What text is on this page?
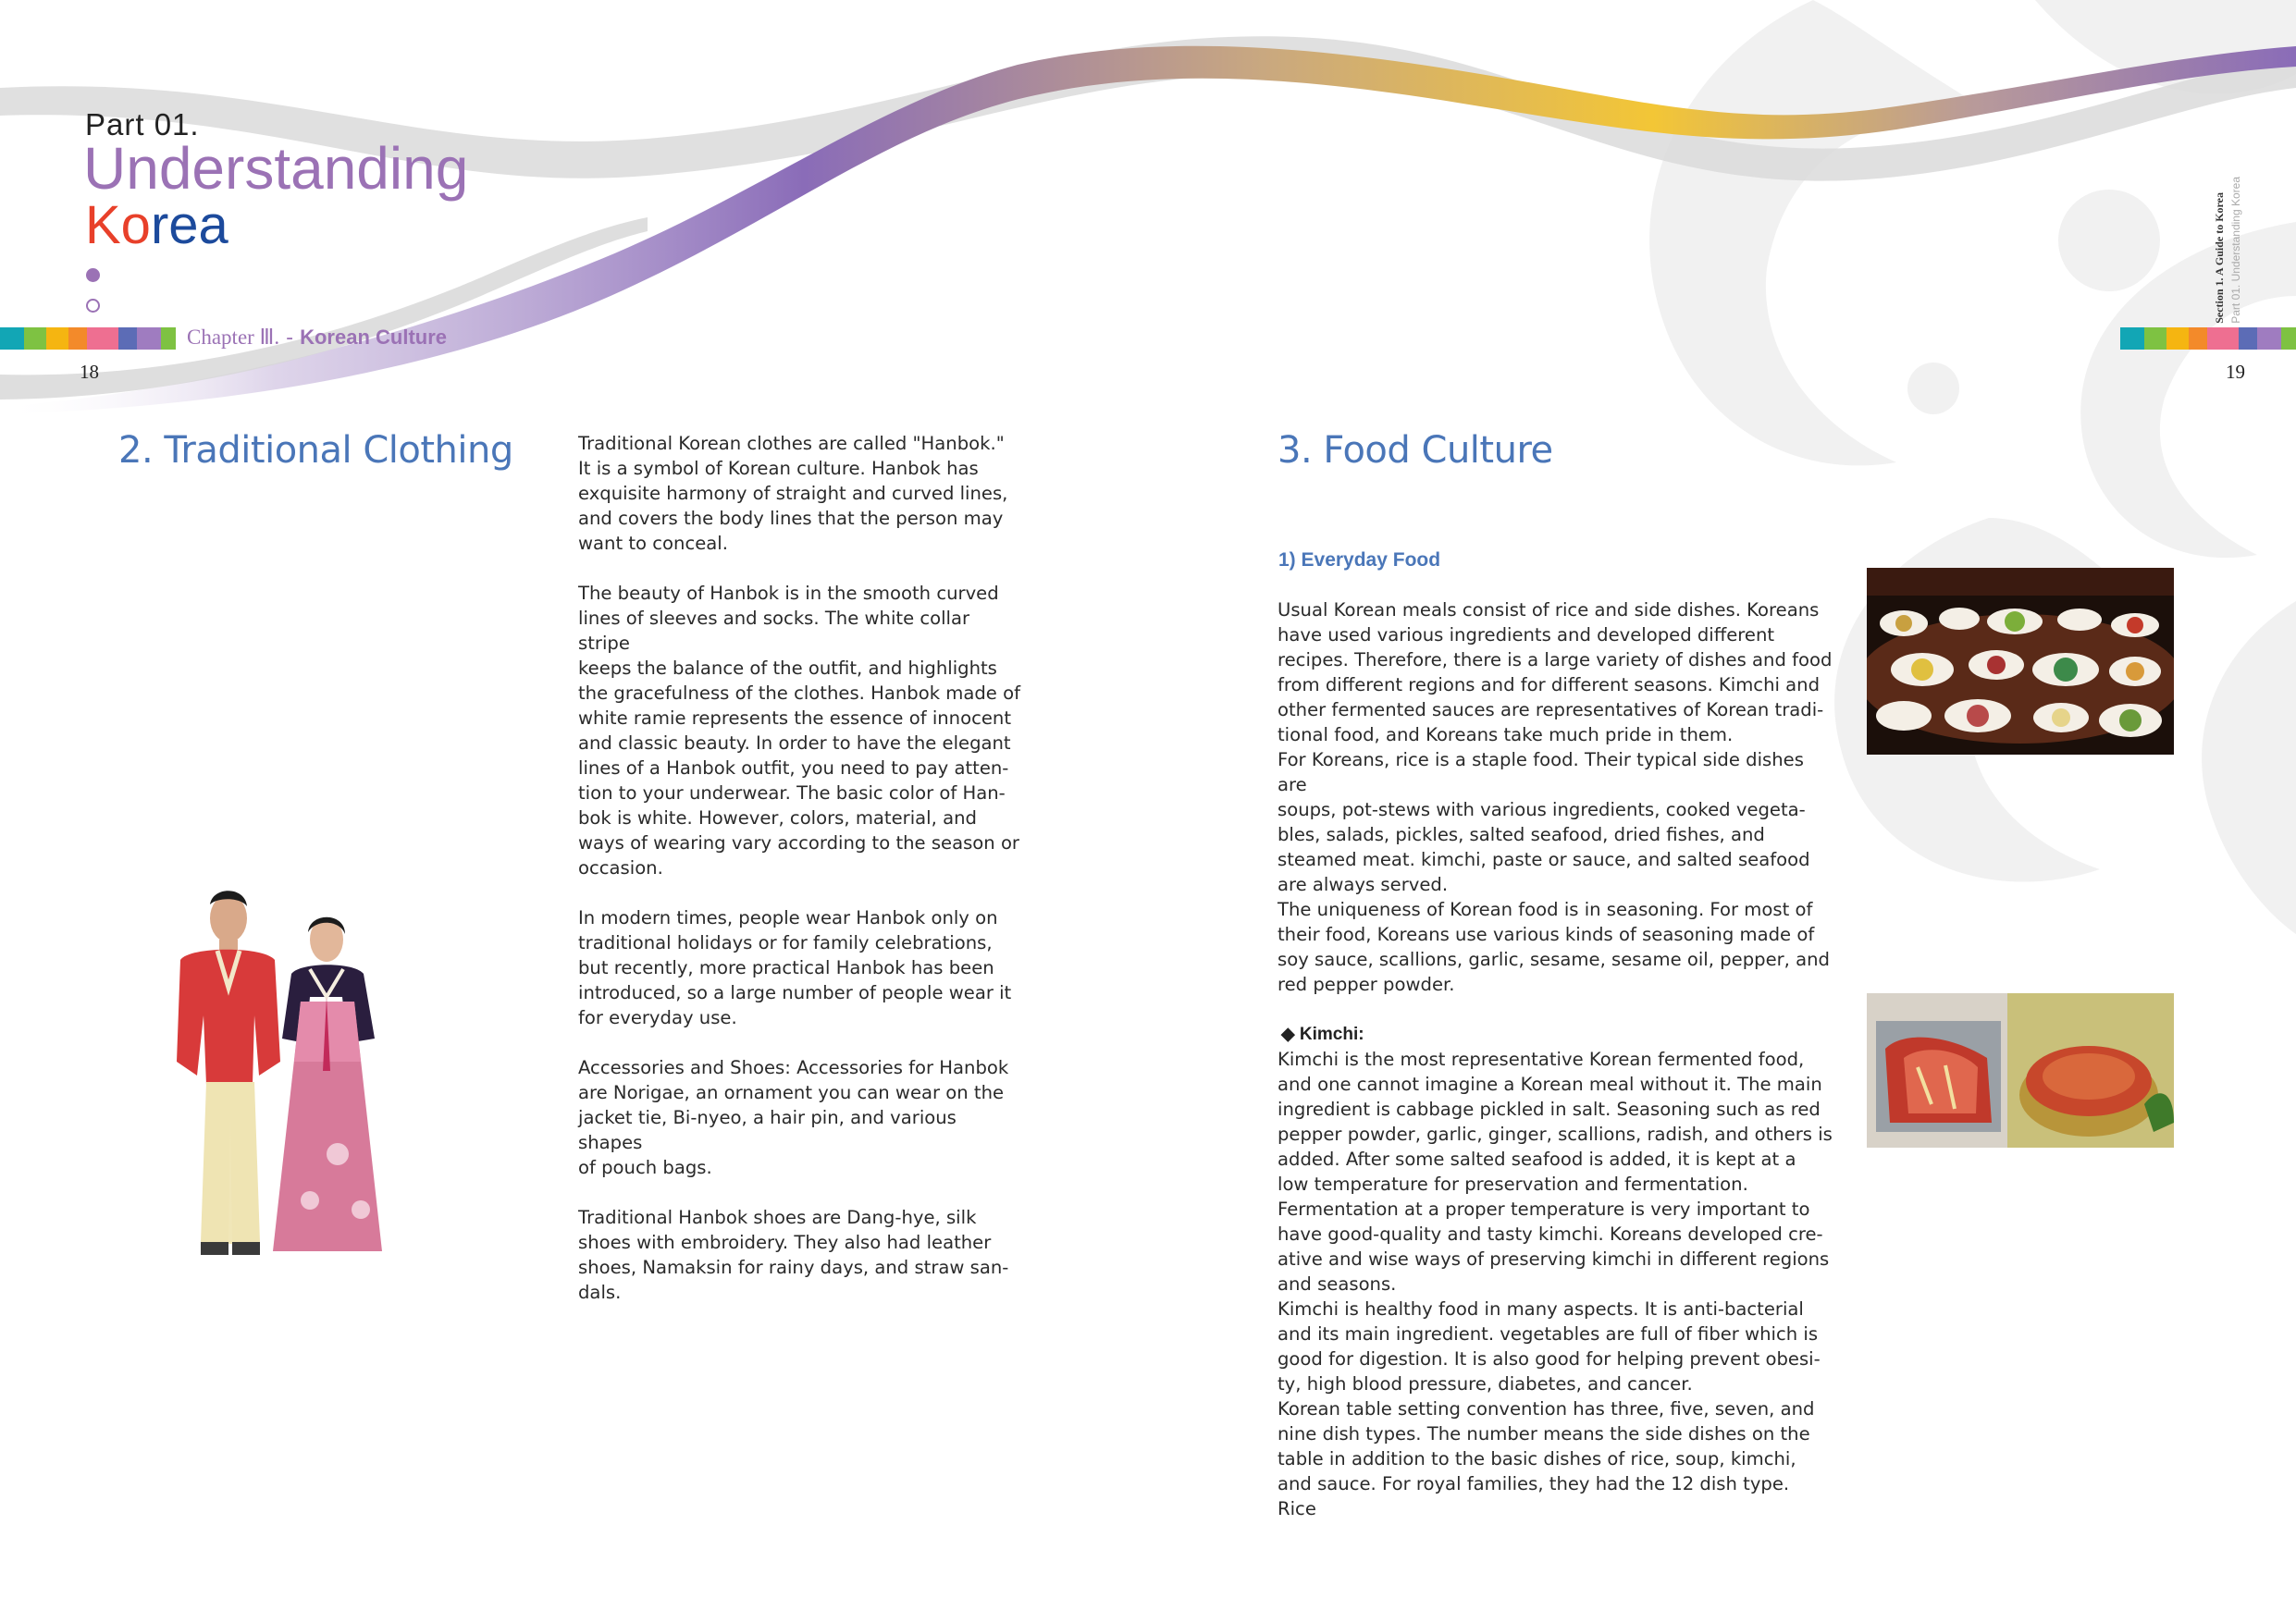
Part 01.
Understanding
Korea
Chapter Ⅲ. - Korean Culture
18	19
Section 1. A Guide to Korea Part 01. Understanding Korea
2. Traditional Clothing	Traditional Korean clothes are called "Hanbok."
It is a symbol of Korean culture. Hanbok has
exquisite harmony of straight and curved lines,
and covers the body lines that the person may
want to conceal.

The beauty of Hanbok is in the smooth curved
lines of sleeves and socks. The white collar stripe
keeps the balance of the outfit, and highlights
the gracefulness of the clothes. Hanbok made of
white ramie represents the essence of innocent
and classic beauty. In order to have the elegant
lines of a Hanbok outfit, you need to pay atten-
tion to your underwear. The basic color of Han-
bok is white. However, colors, material, and
ways of wearing vary according to the season or
occasion.

In modern times, people wear Hanbok only on
traditional holidays or for family celebrations,
but recently, more practical Hanbok has been
introduced, so a large number of people wear it
for everyday use.

Accessories and Shoes: Accessories for Hanbok
are Norigae, an ornament you can wear on the
jacket tie, Bi-nyeo, a hair pin, and various shapes
of pouch bags.

Traditional Hanbok shoes are Dang-hye, silk
shoes with embroidery. They also had leather
shoes, Namaksin for rainy days, and straw san-
dals.

3. Food Culture
1) Everyday Food
Usual Korean meals consist of rice and side dishes. Koreans
have used various ingredients and developed different
recipes. Therefore, there is a large variety of dishes and food
from different regions and for different seasons. Kimchi and
other fermented sauces are representatives of Korean tradi-
tional food, and Koreans take much pride in them.
For Koreans, rice is a staple food. Their typical side dishes are
soups, pot-stews with various ingredients, cooked vegeta-
bles, salads, pickles, salted seafood, dried fishes, and
steamed meat. kimchi, paste or sauce, and salted seafood
are always served.
The uniqueness of Korean food is in seasoning. For most of
their food, Koreans use various kinds of seasoning made of
soy sauce, scallions, garlic, sesame, sesame oil, pepper, and
red pepper powder.
◆ Kimchi:
Kimchi is the most representative Korean fermented food,
and one cannot imagine a Korean meal without it. The main
ingredient is cabbage pickled in salt. Seasoning such as red
pepper powder, garlic, ginger, scallions, radish, and others is
added. After some salted seafood is added, it is kept at a
low temperature for preservation and fermentation.
Fermentation at a proper temperature is very important to
have good-quality and tasty kimchi. Koreans developed cre-
ative and wise ways of preserving kimchi in different regions
and seasons.
Kimchi is healthy food in many aspects. It is anti-bacterial
and its main ingredient. vegetables are full of fiber which is
good for digestion. It is also good for helping prevent obesi-
ty, high blood pressure, diabetes, and cancer.
Korean table setting convention has three, five, seven, and
nine dish types. The number means the side dishes on the
table in addition to the basic dishes of rice, soup, kimchi,
and sauce. For royal families, they had the 12 dish type. Rice
